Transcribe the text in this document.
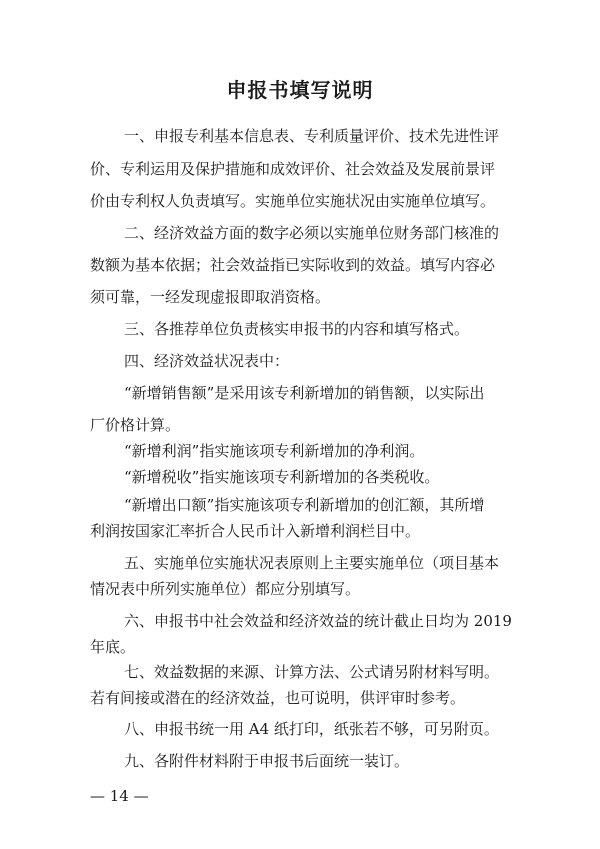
申报书填写说明
一、申报专利基本信息表、专利质量评价、技术先进性评
价、专利运用及保护措施和成效评价、社会效益及发展前景评
价由专利权人负责填写。实施单位实施状况由实施单位填写。
二、经济效益方面的数字必须以实施单位财务部门核准的
数额为基本依据；社会效益指已实际收到的效益。填写内容必
须可靠，一经发现虚报即取消资格。
三、各推荐单位负责核实申报书的内容和填写格式。
四、经济效益状况表中：
“新增销售额”是采用该专利新增加的销售额，以实际出
厂价格计算。
“新增利润”指实施该项专利新增加的净利润。
“新增税收”指实施该项专利新增加的各类税收。
“新增出口额”指实施该项专利新增加的创汇额，其所增
利润按国家汇率折合人民币计入新增利润栏目中。
五、实施单位实施状况表原则上主要实施单位（项目基本
情况表中所列实施单位）都应分别填写。
六、申报书中社会效益和经济效益的统计截止日均为 2019
年底。
七、效益数据的来源、计算方法、公式请另附材料写明。
若有间接或潜在的经济效益，也可说明，供评审时参考。
— 14 —
八、申报书统一用 A4 纸打印，纸张若不够，可另附页。
九、各附件材料附于申报书后面统一装订。
